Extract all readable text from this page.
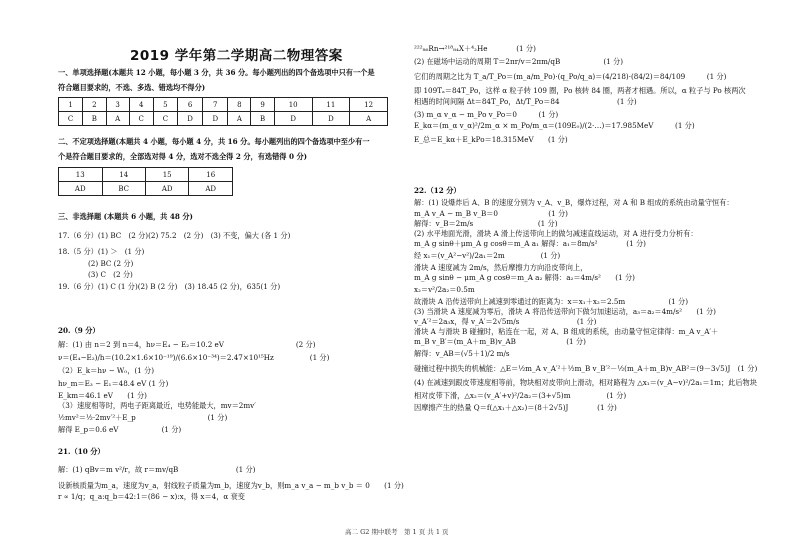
2019 学年第二学期高二物理答案
一、单项选择题(本题共 12 小题，每小题 3 分，共 36 分。每小题列出的四个备选项中只有一个是
符合题目要求的，不选、多选、错选均不得分)
1	2	3	4	5	6	7	8	9	10	11	12
C	B	A	C	C	D	D	A	B	D	D	A
二、不定项选择题(本题共 4 小题，每小题 4 分，共 16 分。每小题列出的四个备选项中至少有一
个是符合题目要求的，全部选对得 4 分，选对不选全得 2 分，有选错得 0 分)
13	14	15	16
AD	BC	AD	AD
三、非选择题 (本题共 6 小题，共 48 分)
17.（6 分）(1) BC　(2 分)(2) 75.2　(2 分)　(3) 不变，偏大 (各 1 分)
18.（5 分）(1) ＞　(1 分)
(2) BC (2 分)
(3) C　(2 分)
19.（6 分）(1) C (1 分)(2) B (2 分)　(3) 18.45 (2 分)，635(1 分)
20.（9 分）
解：(1) 由 n＝2 到 n＝4，hν＝E₄ − E₂＝10.2 eV　　　　　　　　　　(2 分)
ν＝(E₄−E₂)/h＝(10.2×1.6×10⁻¹⁹)/(6.6×10⁻³⁴)＝2.47×10¹⁵Hz　　　　　(1 分)
（2）E_k＝hν − W₀，(1 分)
hν_m＝E₃ − E₁＝48.4 eV (1 分)
E_km＝46.1 eV　　(1 分)
（3）速度相等时，两电子距离最近，电势能最大，mv＝2mv′
½mv²＝½·2mv′²＋E_p　　　　　　　　　　(1 分)
解得 E_p＝0.6 eV　　　　　　(1 分)
21.（10 分）
解：(1) qBv＝m v²/r，故 r＝mv/qB　　　　　　　　(1 分)
设新核质量为m_a，速度为v_a，射线粒子质量为m_b，速度为v_b，则m_a v_a − m_b v_b ＝ 0　　(1 分)
r ∝ 1/q；q_a:q_b＝42:1＝(86 − x):x，得 x＝4，α 衰变
²²²₈₆Rn→²¹⁸₈₄X＋⁴₂He　　　　(1 分)
(2) 在磁场中运动的周期 T＝2πr/v＝2πm/qB　　　　　　(1 分)
它们的周期之比为 T_a/T_Po＝(m_a/m_Po)·(q_Po/q_a)＝(4/218)·(84/2)＝84/109　　　(1 分)
即 109Tₐ＝84T_Po，这样 α 粒子转 109 圈，Po 核转 84 圈，两者才相遇。所以，α 粒子与 Po 核两次
相遇的时间间隔 Δt＝84T_Po，Δt/T_Po＝84　　　　　　　　(1 分)
(3) m_α v_α − m_Po v_Po＝0　　　(1 分)
E_kα＝(m_α v_α)²/2m_α × m_Po/m_α＝(109E₀)/(2·…)＝17.985MeV　　　(1 分)
E_总＝E_kα＋E_kPo＝18.315MeV　　(1 分)
22.（12 分）
解：(1) 设爆炸后 A、B 的速度分别为 v_A、v_B，爆炸过程，对 A 和 B 组成的系统由动量守恒有：
m_A v_A − m_B v_B＝0　　　　　　　(1 分)
解得：v_B＝2m/s　　　　　　　　　(1 分)
(2) 水平地面光滑，滑块 A 滑上传送带向上的做匀减速直线运动，对 A 进行受力分析有：
m_A g sinθ＋μm_A g cosθ＝m_A a₁ 解得：a₁＝8m/s²　　　　(1 分)
经 x₁＝(v_A²−v²)/2a₁＝2m　　　　　(1 分)
滑块 A 速度减为 2m/s，然后摩擦力方向沿皮带向上，
m_A g sinθ − μm_A g cosθ＝m_A a₂ 解得：a₂＝4m/s²　　(1 分)
x₂＝v²/2a₂＝0.5m
故滑块 A 沿传送带向上减速到零通过的距离为：x＝x₁＋x₂＝2.5m　　　　　　(1 分)
(3) 当滑块 A 速度减为零后，滑块 A 将沿传送带向下做匀加速运动，a₃＝a₂＝4m/s²　　(1 分)
v_A′²＝2a₃x，得 v_A′＝2√5m/s　　　　　　　　(1 分)
滑块 A 与滑块 B 碰撞时，粘连在一起，对 A、B 组成的系统，由动量守恒定律得：m_A v_A′＋
m_B v_B′＝(m_A＋m_B)v_AB　　　　　　　(1 分)
解得：v_AB＝(√5＋1)/2 m/s
碰撞过程中损失的机械能：△E＝½m_A v_A′²＋½m_B v_B′²－½(m_A＋m_B)v_AB²＝(9－3√5)J　(1 分)
(4) 在减速到跟皮带速度相等前，物块相对皮带向上滑动，相对路程为 △x₁＝(v_A−v)²/2a₁＝1m；此后物块
相对皮带下滑，△x₂＝(v_A′+v)²/2a₂＝(3+√5)m　　　　　(1 分)
因摩擦产生的热量 Q＝f(△x₁＋△x₂)＝(8＋2√5)J　　　　(1 分)
高二 G2 期中联考　第 1 页 共 1 页
